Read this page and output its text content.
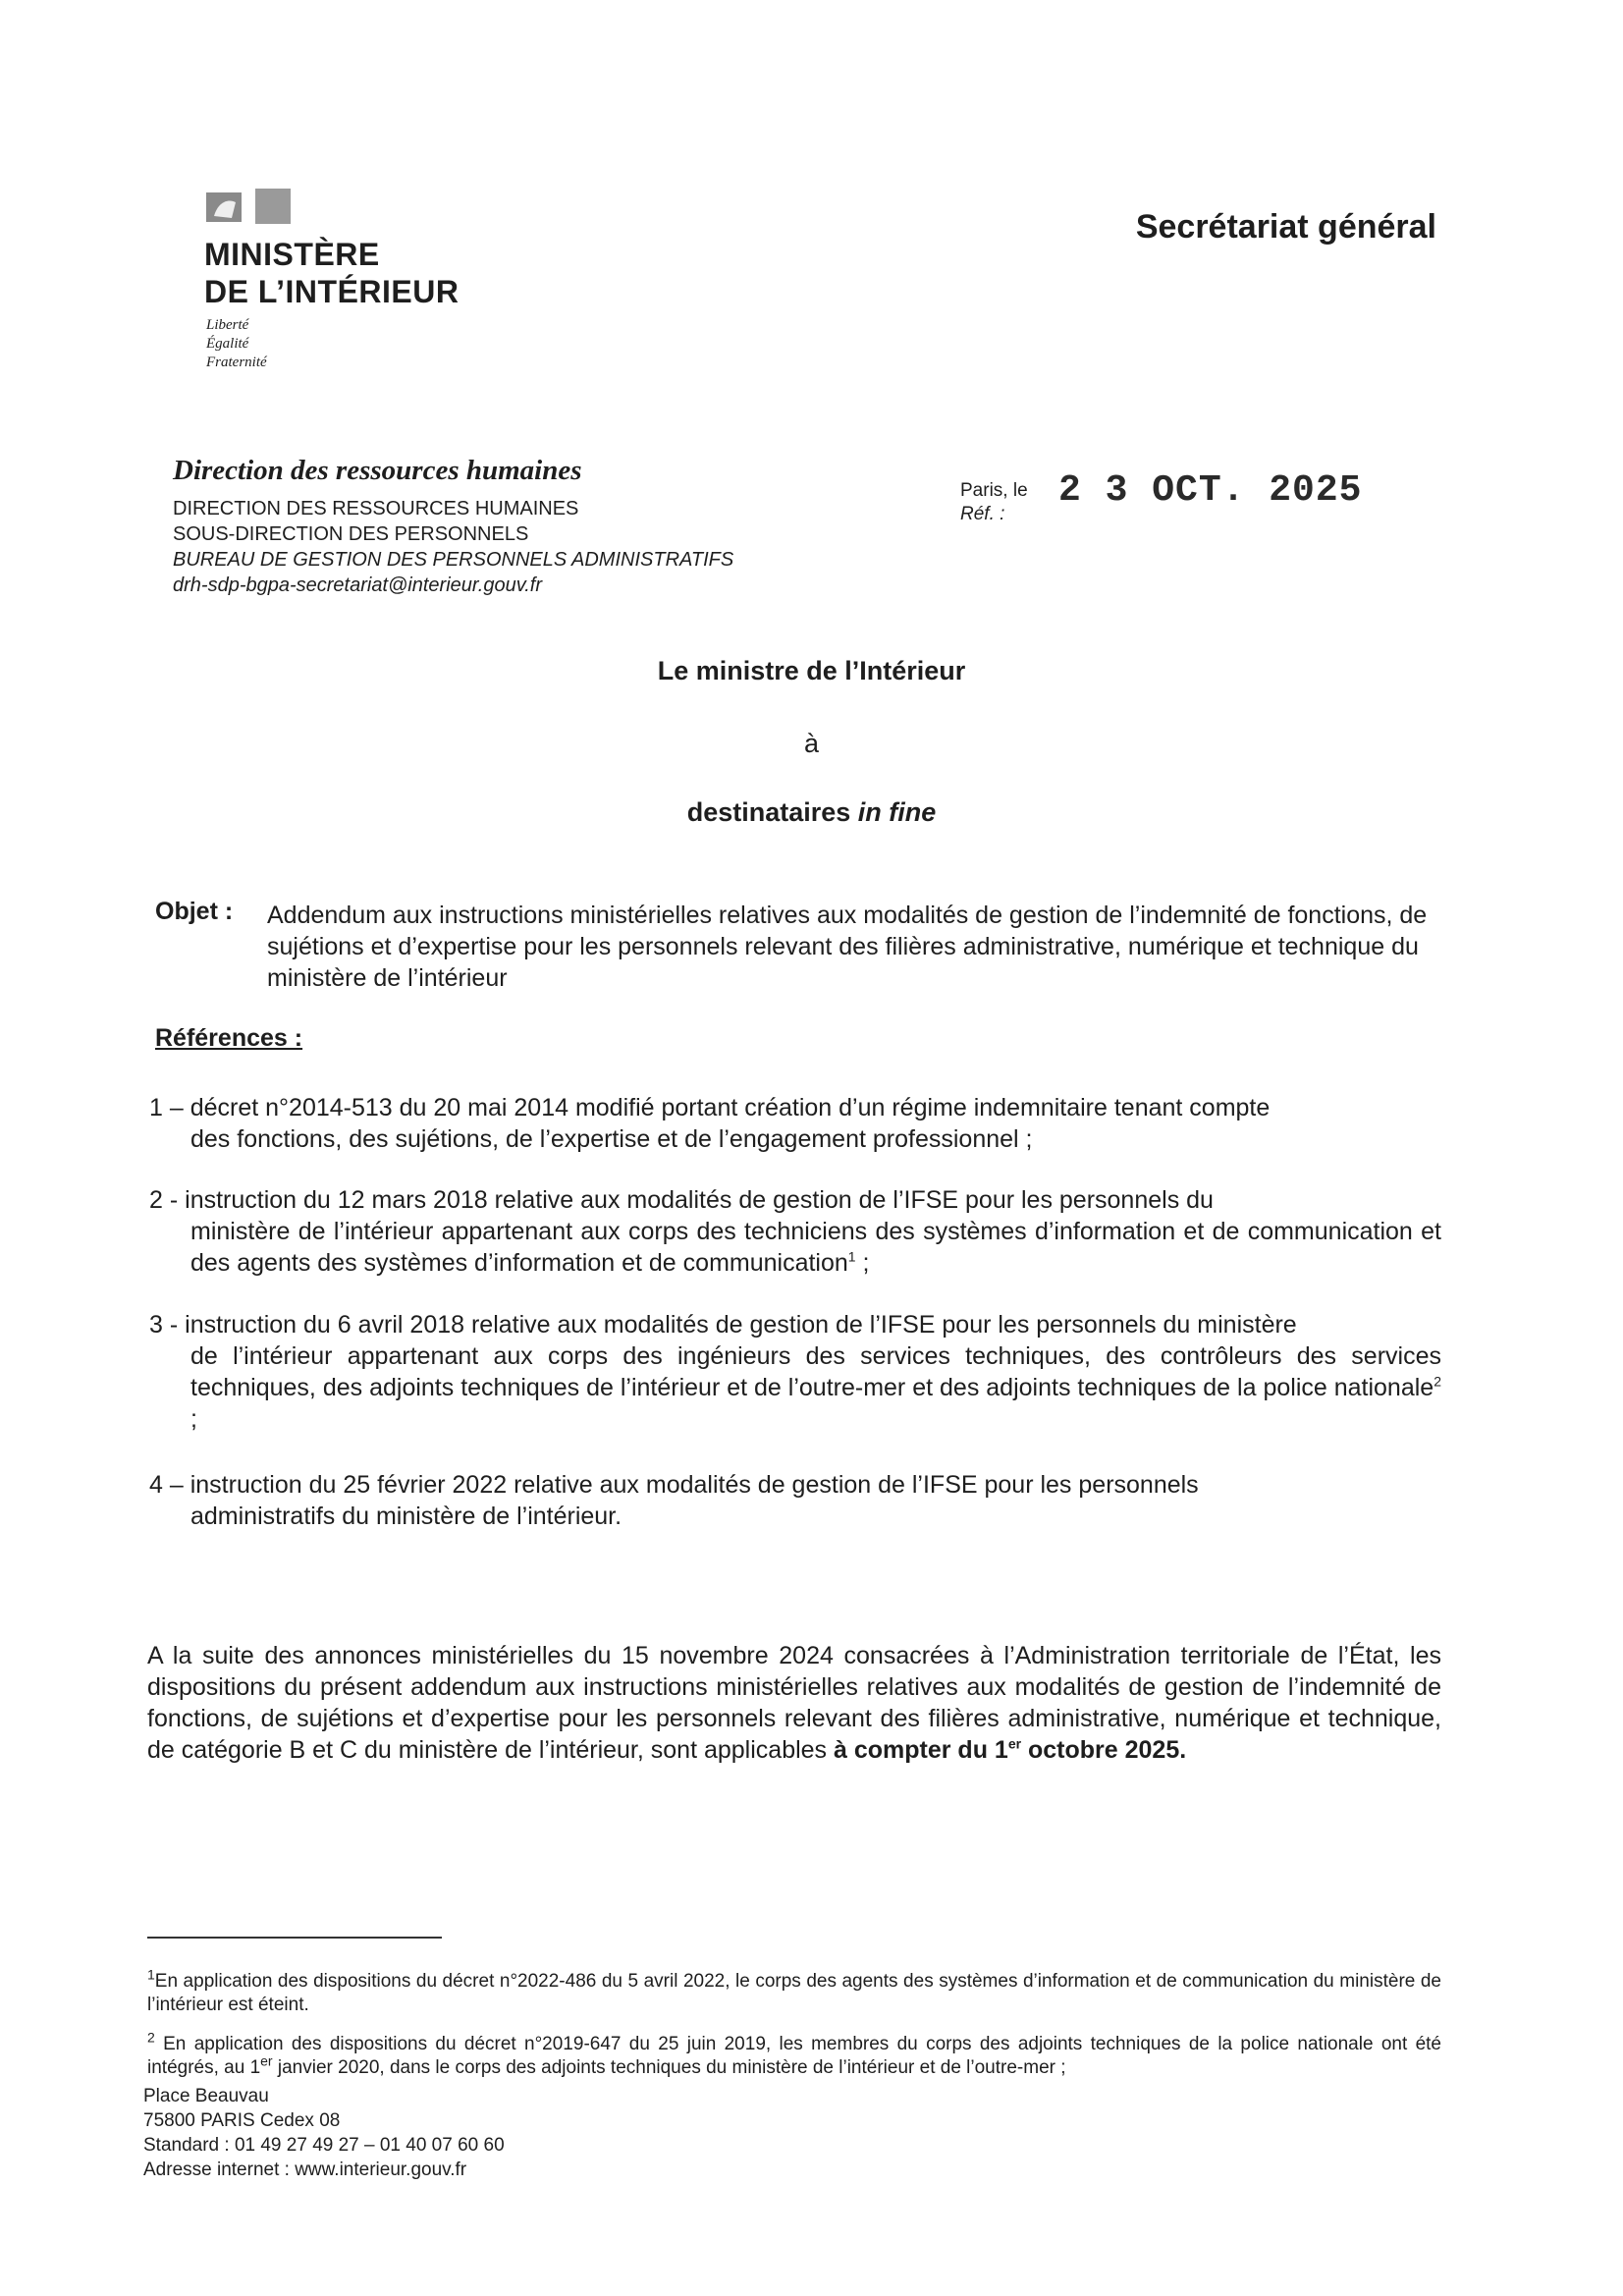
MINISTÈRE
DE L’INTÉRIEUR
Liberté
Égalité
Fraternité
Secrétariat général
Direction des ressources humaines
DIRECTION DES RESSOURCES HUMAINES
SOUS-DIRECTION DES PERSONNELS
BUREAU DE GESTION DES PERSONNELS ADMINISTRATIFS
drh-sdp-bgpa-secretariat@interieur.gouv.fr
Paris, le
Réf. :
2 3 OCT. 2025
Le ministre de l’Intérieur
à
destinataires in fine
Objet : Addendum aux instructions ministérielles relatives aux modalités de gestion de l’indemnité de fonctions, de sujétions et d’expertise pour les personnels relevant des filières administrative, numérique et technique du ministère de l’intérieur
Références :
1 – décret n°2014-513 du 20 mai 2014 modifié portant création d’un régime indemnitaire tenant compte
des fonctions, des sujétions, de l’expertise et de l’engagement professionnel ;
2 - instruction du 12 mars 2018 relative aux modalités de gestion de l’IFSE pour les personnels du
ministère de l’intérieur appartenant aux corps des techniciens des systèmes d’information et de communication et des agents des systèmes d’information et de communication$^1$ ;
3 - instruction du 6 avril 2018 relative aux modalités de gestion de l’IFSE pour les personnels du ministère
de l’intérieur appartenant aux corps des ingénieurs des services techniques, des contrôleurs des services techniques, des adjoints techniques de l’intérieur et de l’outre-mer et des adjoints techniques de la police nationale$^2$ ;
4 – instruction du 25 février 2022 relative aux modalités de gestion de l’IFSE pour les personnels
administratifs du ministère de l’intérieur.
A la suite des annonces ministérielles du 15 novembre 2024 consacrées à l’Administration territoriale de l’État, les dispositions du présent addendum aux instructions ministérielles relatives aux modalités de gestion de l’indemnité de fonctions, de sujétions et d’expertise pour les personnels relevant des filières administrative, numérique et technique, de catégorie B et C du ministère de l’intérieur, sont applicables à compter du 1er octobre 2025.
$^1$En application des dispositions du décret n°2022-486 du 5 avril 2022, le corps des agents des systèmes d’information et de communication du ministère de l’intérieur est éteint.
$^2$ En application des dispositions du décret n°2019-647 du 25 juin 2019, les membres du corps des adjoints techniques de la police nationale ont été intégrés, au 1er janvier 2020, dans le corps des adjoints techniques du ministère de l’intérieur et de l’outre-mer ;
Place Beauvau
75800 PARIS Cedex 08
Standard : 01 49 27 49 27 – 01 40 07 60 60
Adresse internet : www.interieur.gouv.fr
